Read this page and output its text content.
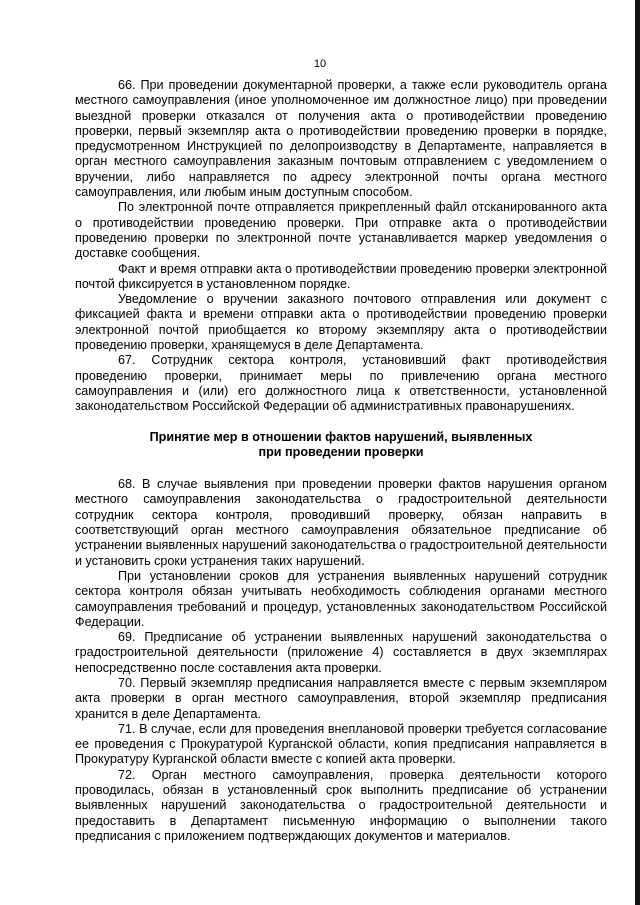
10

66. При проведении документарной проверки, а также если руководитель органа местного самоуправления (иное уполномоченное им должностное лицо) при проведении выездной проверки отказался от получения акта о противодействии проведению проверки, первый экземпляр акта о противодействии проведению проверки в порядке, предусмотренном Инструкцией по делопроизводству в Департаменте, направляется в орган местного самоуправления заказным почтовым отправлением с уведомлением о вручении, либо направляется по адресу электронной почты органа местного самоуправления, или любым иным доступным способом.

По электронной почте отправляется прикрепленный файл отсканированного акта о противодействии проведению проверки. При отправке акта о противодействии проведению проверки по электронной почте устанавливается маркер уведомления о доставке сообщения.

Факт и время отправки акта о противодействии проведению проверки электронной почтой фиксируется в установленном порядке.

Уведомление о вручении заказного почтового отправления или документ с фиксацией факта и времени отправки акта о противодействии проведению проверки электронной почтой приобщается ко второму экземпляру акта о противодействии проведению проверки, хранящемуся в деле Департамента.

67. Сотрудник сектора контроля, установивший факт противодействия проведению проверки, принимает меры по привлечению органа местного самоуправления и (или) его должностного лица к ответственности, установленной законодательством Российской Федерации об административных правонарушениях.

Принятие мер в отношении фактов нарушений, выявленных
при проведении проверки

68. В случае выявления при проведении проверки фактов нарушения органом местного самоуправления законодательства о градостроительной деятельности сотрудник сектора контроля, проводивший проверку, обязан направить в соответствующий орган местного самоуправления обязательное предписание об устранении выявленных нарушений законодательства о градостроительной деятельности и установить сроки устранения таких нарушений.

При установлении сроков для устранения выявленных нарушений сотрудник сектора контроля обязан учитывать необходимость соблюдения органами местного самоуправления требований и процедур, установленных законодательством Российской Федерации.

69. Предписание об устранении выявленных нарушений законодательства о градостроительной деятельности (приложение 4) составляется в двух экземплярах непосредственно после составления акта проверки.

70. Первый экземпляр предписания направляется вместе с первым экземпляром акта проверки в орган местного самоуправления, второй экземпляр предписания хранится в деле Департамента.

71. В случае, если для проведения внеплановой проверки требуется согласование ее проведения с Прокуратурой Курганской области, копия предписания направляется в Прокуратуру Курганской области вместе с копией акта проверки.

72. Орган местного самоуправления, проверка деятельности которого проводилась, обязан в установленный срок выполнить предписание об устранении выявленных нарушений законодательства о градостроительной деятельности и предоставить в Департамент письменную информацию о выполнении такого предписания с приложением подтверждающих документов и материалов.
